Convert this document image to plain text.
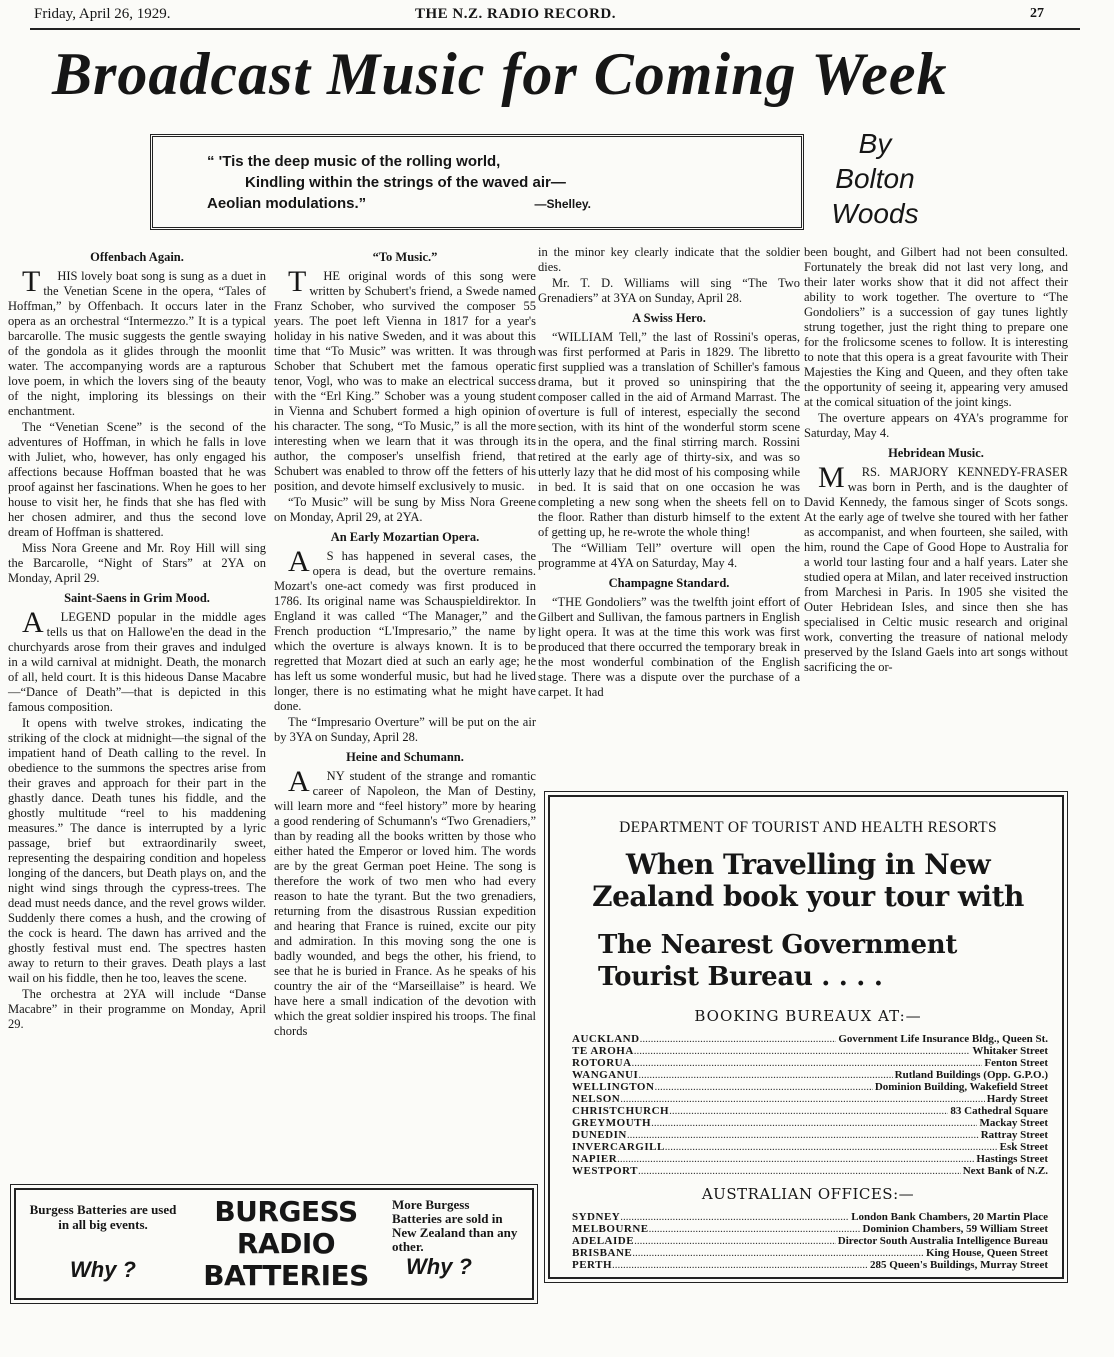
Friday, April 26, 1929.	THE N.Z. RADIO RECORD.	27
Broadcast Music for Coming Week
By
Bolton
Woods
“ 'Tis the deep music of the rolling world,
Kindling within the strings of the waved air—
Aeolian modulations.”	—Shelley.
Offenbach Again.

THIS lovely boat song is sung as a duet in the Venetian Scene in the opera, “Tales of Hoffman,” by Offenbach. It occurs later in the opera as an orchestral “Intermezzo.” It is a typical barcarolle. The music suggests the gentle swaying of the gondola as it glides through the moonlit water. The accompanying words are a rapturous love poem, in which the lovers sing of the beauty of the night, imploring its blessings on their enchantment.

The “Venetian Scene” is the second of the adventures of Hoffman, in which he falls in love with Juliet, who, however, has only engaged his affections because Hoffman boasted that he was proof against her fascinations. When he goes to her house to visit her, he finds that she has fled with her chosen admirer, and thus the second love dream of Hoffman is shattered.

Miss Nora Greene and Mr. Roy Hill will sing the Barcarolle, “Night of Stars” at 2YA on Monday, April 29.

Saint-Saens in Grim Mood.

ALEGEND popular in the middle ages tells us that on Hallowe'en the dead in the churchyards arose from their graves and indulged in a wild carnival at midnight. Death, the monarch of all, held court. It is this hideous Danse Macabre—“Dance of Death”—that is depicted in this famous composition.

It opens with twelve strokes, indicating the striking of the clock at midnight—the signal of the impatient hand of Death calling to the revel. In obedience to the summons the spectres arise from their graves and approach for their part in the ghastly dance. Death tunes his fiddle, and the ghostly multitude “reel to his maddening measures.” The dance is interrupted by a lyric passage, brief but extraordinarily sweet, representing the despairing condition and hopeless longing of the dancers, but Death plays on, and the night wind sings through the cypress-trees. The dead must needs dance, and the revel grows wilder. Suddenly there comes a hush, and the crowing of the cock is heard. The dawn has arrived and the ghostly festival must end. The spectres hasten away to return to their graves. Death plays a last wail on his fiddle, then he too, leaves the scene.

The orchestra at 2YA will include “Danse Macabre” in their programme on Monday, April 29.

“To Music.”

THE original words of this song were written by Schubert's friend, a Swede named Franz Schober, who survived the composer 55 years. The poet left Vienna in 1817 for a year's holiday in his native Sweden, and it was about this time that “To Music” was written. It was through Schober that Schubert met the famous operatic tenor, Vogl, who was to make an electrical success with the “Erl King.” Schober was a young student in Vienna and Schubert formed a high opinion of his character. The song, “To Music,” is all the more interesting when we learn that it was through its author, the composer's unselfish friend, that Schubert was enabled to throw off the fetters of his position, and devote himself exclusively to music.

“To Music” will be sung by Miss Nora Greene on Monday, April 29, at 2YA.

An Early Mozartian Opera.

AS has happened in several cases, the opera is dead, but the overture remains. Mozart's one-act comedy was first produced in 1786. Its original name was Schauspieldirektor. In England it was called “The Manager,” and the French production “L'Impresario,” the name by which the overture is always known. It is to be regretted that Mozart died at such an early age; he has left us some wonderful music, but had he lived longer, there is no estimating what he might have done.

The “Impresario Overture” will be put on the air by 3YA on Sunday, April 28.

Heine and Schumann.

ANY student of the strange and romantic career of Napoleon, the Man of Destiny, will learn more and “feel history” more by hearing a good rendering of Schumann's “Two Grenadiers,” than by reading all the books written by those who either hated the Emperor or loved him. The words are by the great German poet Heine. The song is therefore the work of two men who had every reason to hate the tyrant. But the two grenadiers, returning from the disastrous Russian expedition and hearing that France is ruined, excite our pity and admiration. In this moving song the one is badly wounded, and begs the other, his friend, to see that he is buried in France. As he speaks of his country the air of the “Marseillaise” is heard. We have here a small indication of the devotion with which the great soldier inspired his troops. The final chords

in the minor key clearly indicate that the soldier dies.

Mr. T. D. Williams will sing “The Two Grenadiers” at 3YA on Sunday, April 28.

A Swiss Hero.

“WILLIAM Tell,” the last of Rossini's operas, was first performed at Paris in 1829. The libretto first supplied was a translation of Schiller's famous drama, but it proved so uninspiring that the composer called in the aid of Armand Marrast. The overture is full of interest, especially the second section, with its hint of the wonderful storm scene in the opera, and the final stirring march. Rossini retired at the early age of thirty-six, and was so utterly lazy that he did most of his composing while in bed. It is said that on one occasion he was completing a new song when the sheets fell on to the floor. Rather than disturb himself to the extent of getting up, he re-wrote the whole thing!

The “William Tell” overture will open the programme at 4YA on Saturday, May 4.

Champagne Standard.

“THE Gondoliers” was the twelfth joint effort of Gilbert and Sullivan, the famous partners in English light opera. It was at the time this work was first produced that there occurred the temporary break in the most wonderful combination of the English stage. There was a dispute over the purchase of a carpet. It had

been bought, and Gilbert had not been consulted. Fortunately the break did not last very long, and their later works show that it did not affect their ability to work together. The overture to “The Gondoliers” is a succession of gay tunes lightly strung together, just the right thing to prepare one for the frolicsome scenes to follow. It is interesting to note that this opera is a great favourite with Their Majesties the King and Queen, and they often take the opportunity of seeing it, appearing very amused at the comical situation of the joint kings.

The overture appears on 4YA's programme for Saturday, May 4.

Hebridean Music.

MRS. MARJORY KENNEDY-FRASER was born in Perth, and is the daughter of David Kennedy, the famous singer of Scots songs. At the early age of twelve she toured with her father as accompanist, and when fourteen, she sailed, with him, round the Cape of Good Hope to Australia for a world tour lasting four and a half years. Later she studied opera at Milan, and later received instruction from Marchesi in Paris. In 1905 she visited the Outer Hebridean Isles, and since then she has specialised in Celtic music research and original work, converting the treasure of national melody preserved by the Island Gaels into art songs without sacrificing the or-

DEPARTMENT OF TOURIST AND HEALTH RESORTS
When Travelling in New Zealand book your tour with
The Nearest Government Tourist Bureau . . . .
BOOKING BUREAUX AT:—
AUCKLAND .....	Government Life Insurance Bldg., Queen St.
TE AROHA .....	Whitaker Street
ROTORUA .....	Fenton Street
WANGANUI .....	Rutland Buildings (Opp. G.P.O.)
WELLINGTON .....	Dominion Building, Wakefield Street
NELSON .....	Hardy Street
CHRISTCHURCH .....	83 Cathedral Square
GREYMOUTH .....	Mackay Street
DUNEDIN .....	Rattray Street
INVERCARGILL .....	Esk Street
NAPIER .....	Hastings Street
WESTPORT .....	Next Bank of N.Z.
AUSTRALIAN OFFICES:—
SYDNEY .....	London Bank Chambers, 20 Martin Place
MELBOURNE .....	Dominion Chambers, 59 William Street
ADELAIDE .....	Director South Australia Intelligence Bureau
BRISBANE .....	King House, Queen Street
PERTH .....	285 Queen's Buildings, Murray Street
Burgess Batteries are used in all big events.
Why ?
BURGESS
RADIO
BATTERIES
More Burgess Batteries are sold in New Zealand than any other.
Why ?
